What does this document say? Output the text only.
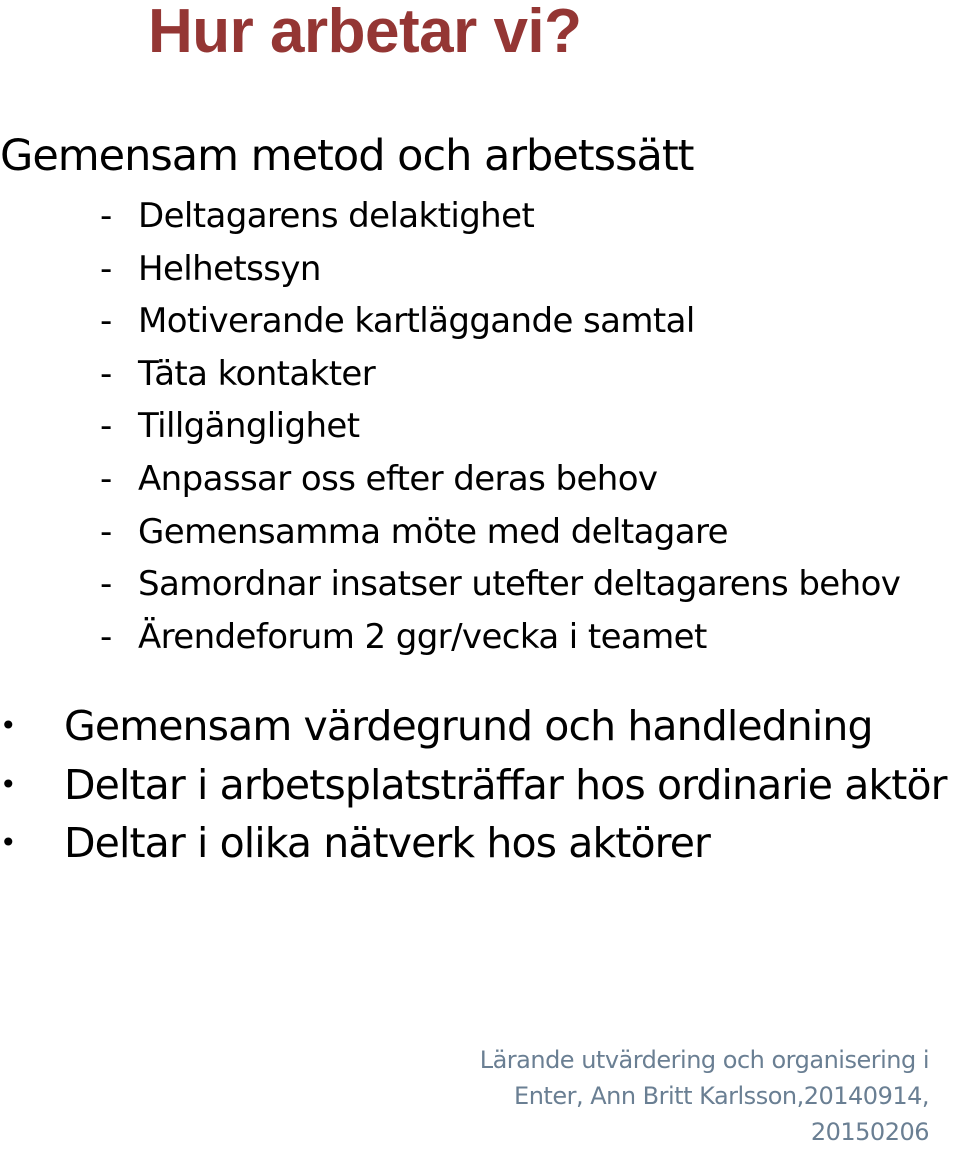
Hur arbetar vi?
Gemensam metod och arbetssätt
- Deltagarens delaktighet
- Helhetssyn
- Motiverande kartläggande samtal
- Täta kontakter
- Tillgänglighet
- Anpassar oss efter deras behov
- Gemensamma möte med deltagare
- Samordnar insatser utefter deltagarens behov
- Ärendeforum 2 ggr/vecka i teamet
• Gemensam värdegrund och handledning
• Deltar i arbetsplatsträffar hos ordinarie aktör
• Deltar i olika nätverk hos aktörer
Lärande utvärdering och organisering i
Enter, Ann Britt Karlsson,20140914,
20150206
